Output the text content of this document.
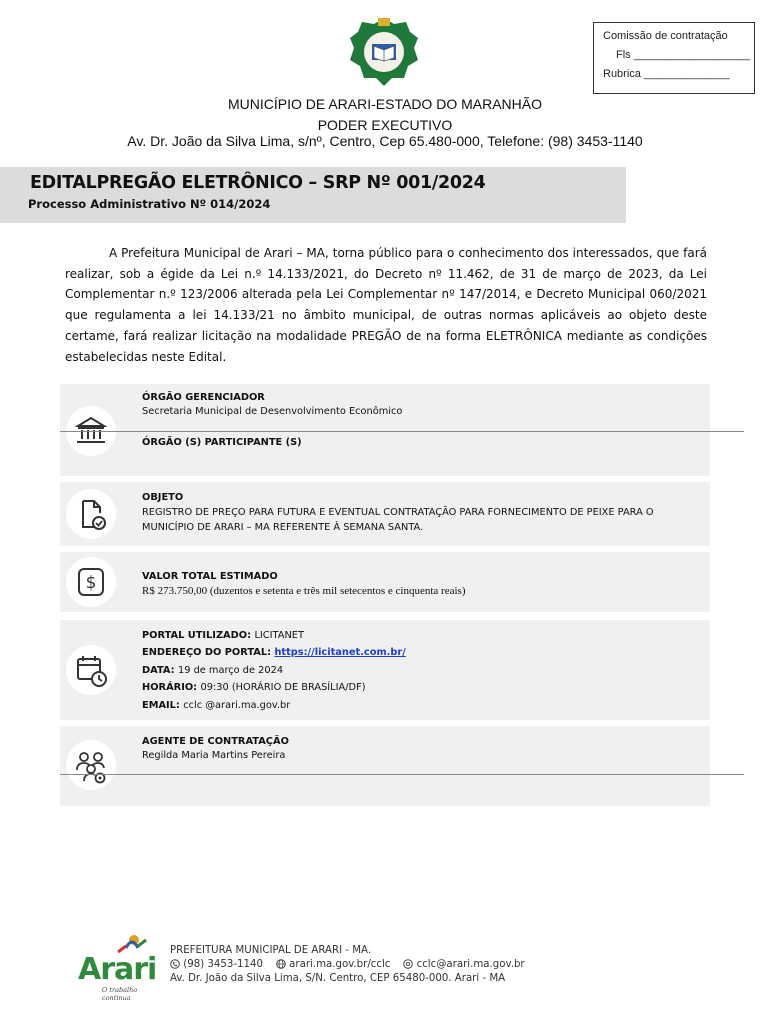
Comissão de contratação
Fls ___________________
Rubrica ______________
MUNICÍPIO DE ARARI-ESTADO DO MARANHÃO
PODER EXECUTIVO
Av. Dr. João da Silva Lima, s/nº, Centro, Cep 65.480-000, Telefone: (98) 3453-1140
EDITALPREGÃO ELETRÔNICO – SRP Nº 001/2024
Processo Administrativo Nº 014/2024
A Prefeitura Municipal de Arari – MA, torna público para o conhecimento dos interessados, que fará realizar, sob a égide da Lei n.º 14.133/2021, do Decreto nº 11.462, de 31 de março de 2023, da Lei Complementar n.º 123/2006 alterada pela Lei Complementar nº 147/2014, e Decreto Municipal 060/2021 que regulamenta a lei 14.133/21 no âmbito municipal, de outras normas aplicáveis ao objeto deste certame, fará realizar licitação na modalidade PREGÃO de na forma ELETRÔNICA mediante as condições estabelecidas neste Edital.
ÓRGÃO GERENCIADOR
Secretaria Municipal de Desenvolvimento Econômico
ÓRGÃO (S) PARTICIPANTE (S)
OBJETO
REGISTRO DE PREÇO PARA FUTURA E EVENTUAL CONTRATAÇÃO PARA FORNECIMENTO DE PEIXE PARA O
MUNICÍPIO DE ARARI – MA REFERENTE À SEMANA SANTA.
$	VALOR TOTAL ESTIMADO
R$ 273.750,00 (duzentos e setenta e três mil setecentos e cinquenta reais)
PORTAL UTILIZADO: LICITANET
ENDEREÇO DO PORTAL: https://licitanet.com.br/
DATA: 19 de março de 2024
HORÁRIO: 09:30 (HORÁRIO DE BRASÍLIA/DF)
EMAIL: cclc @arari.ma.gov.br
AGENTE DE CONTRATAÇÃO
Regilda Maria Martins Pereira
Arari
O trabalho continua
PREFEITURA MUNICIPAL DE ARARI - MA.
(98) 3453-1140	arari.ma.gov.br/cclc	cclc@arari.ma.gov.br
Av. Dr. João da Silva Lima, S/N. Centro, CEP 65480-000. Arari - MA
